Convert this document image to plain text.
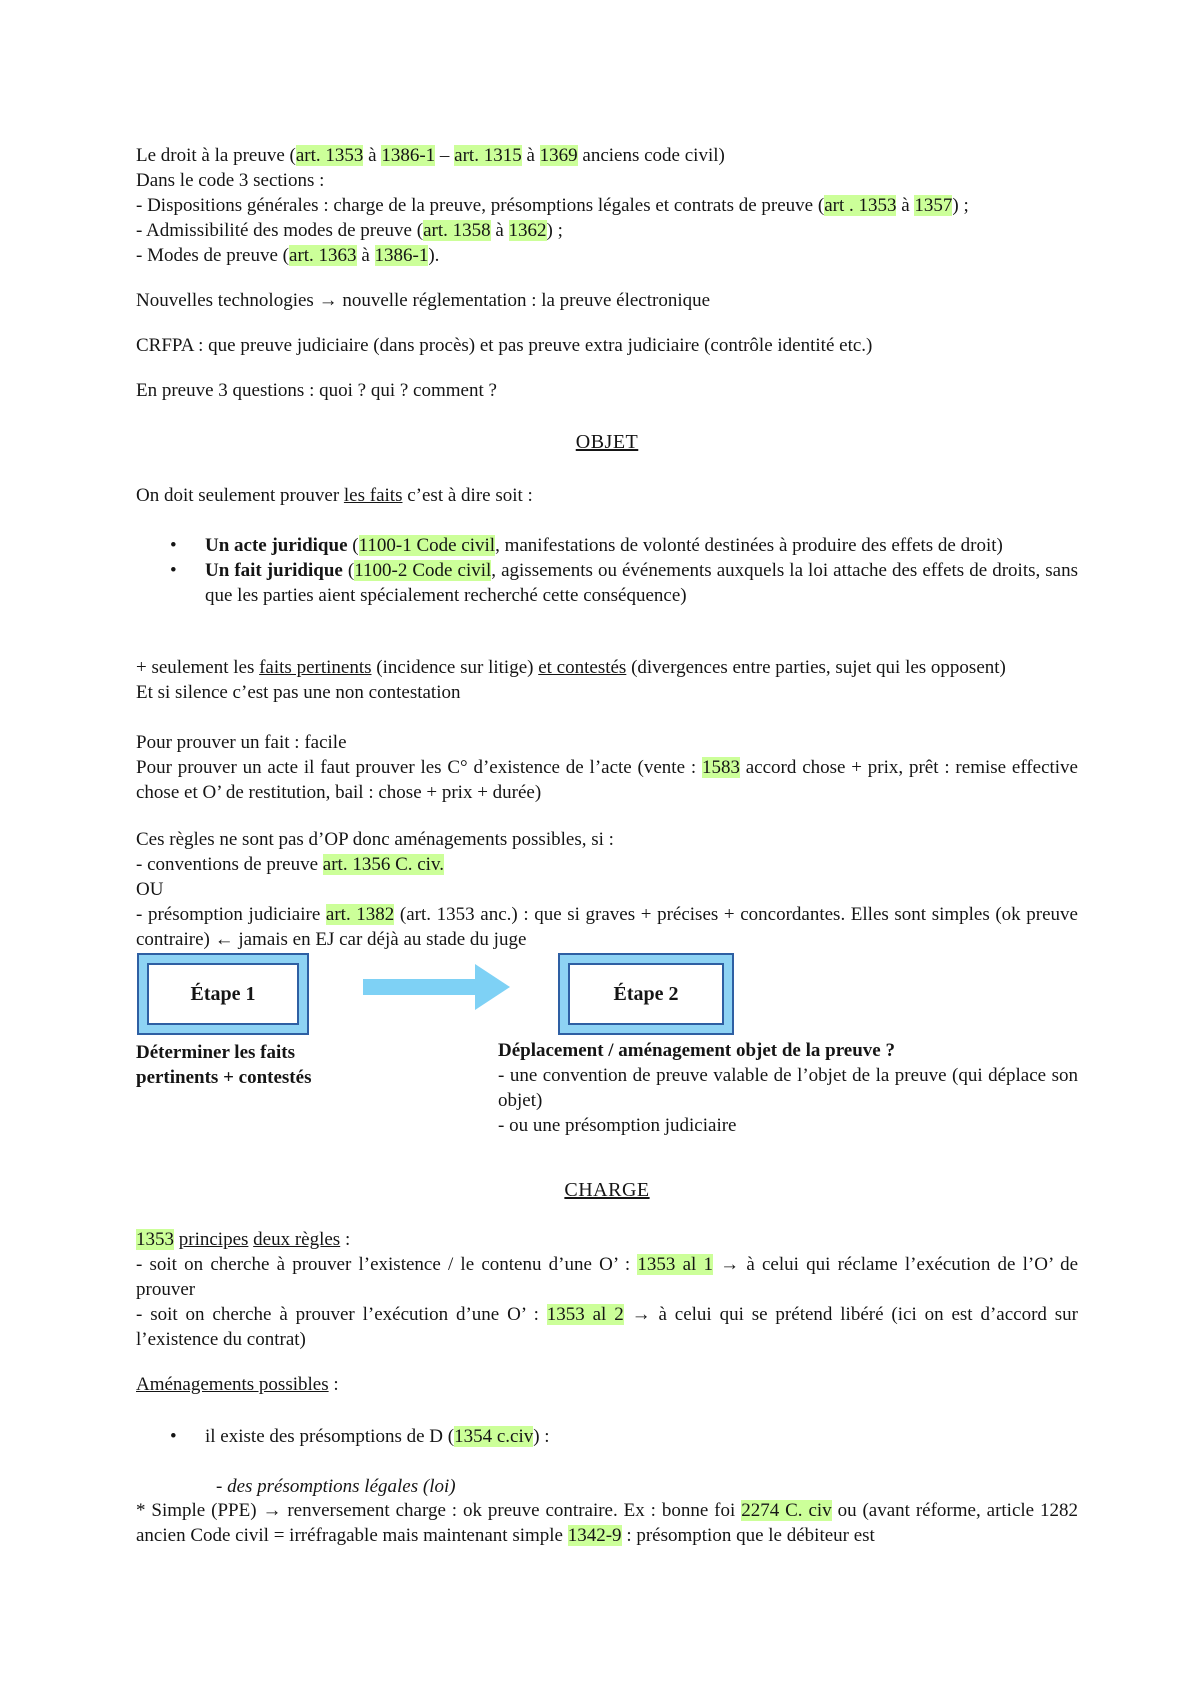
Le droit à la preuve (art. 1353 à 1386-1 – art. 1315 à 1369 anciens code civil)
Dans le code 3 sections :
- Dispositions générales : charge de la preuve, présomptions légales et contrats de preuve (art . 1353 à 1357) ;
- Admissibilité des modes de preuve (art. 1358 à 1362) ;
- Modes de preuve (art. 1363 à 1386-1).
Nouvelles technologies → nouvelle réglementation : la preuve électronique
CRFPA : que preuve judiciaire (dans procès) et pas preuve extra judiciaire (contrôle identité etc.)
En preuve 3 questions : quoi ? qui ? comment ?
OBJET
On doit seulement prouver les faits c’est à dire soit :
• Un acte juridique (1100-1 Code civil, manifestations de volonté destinées à produire des effets de droit)
• Un fait juridique (1100-2 Code civil, agissements ou événements auxquels la loi attache des effets de droits, sans que les parties aient spécialement recherché cette conséquence)
+ seulement les faits pertinents (incidence sur litige) et contestés (divergences entre parties, sujet qui les opposent)
Et si silence c’est pas une non contestation
Pour prouver un fait : facile
Pour prouver un acte il faut prouver les C° d’existence de l’acte (vente : 1583 accord chose + prix, prêt : remise effective chose et O’ de restitution, bail : chose + prix + durée)
Ces règles ne sont pas d’OP donc aménagements possibles, si :
- conventions de preuve art. 1356 C. civ.
OU
- présomption judiciaire art. 1382 (art. 1353 anc.) : que si graves + précises + concordantes. Elles sont simples (ok preuve contraire) ← jamais en EJ car déjà au stade du juge
Étape 1	Étape 2
Déterminer les faits pertinents + contestés
Déplacement / aménagement objet de la preuve ?
- une convention de preuve valable de l’objet de la preuve (qui déplace son objet)
- ou une présomption judiciaire
CHARGE
1353 principes deux règles :
- soit on cherche à prouver l’existence / le contenu d’une O’ : 1353 al 1 → à celui qui réclame l’exécution de l’O’ de prouver
- soit on cherche à prouver l’exécution d’une O’ : 1353 al 2 → à celui qui se prétend libéré (ici on est d’accord sur l’existence du contrat)
Aménagements possibles :
• il existe des présomptions de D (1354 c.civ) :
- des présomptions légales (loi)
* Simple (PPE) → renversement charge : ok preuve contraire. Ex : bonne foi 2274 C. civ ou (avant réforme, article 1282 ancien Code civil = irréfragable mais maintenant simple 1342-9 : présomption que le débiteur est
